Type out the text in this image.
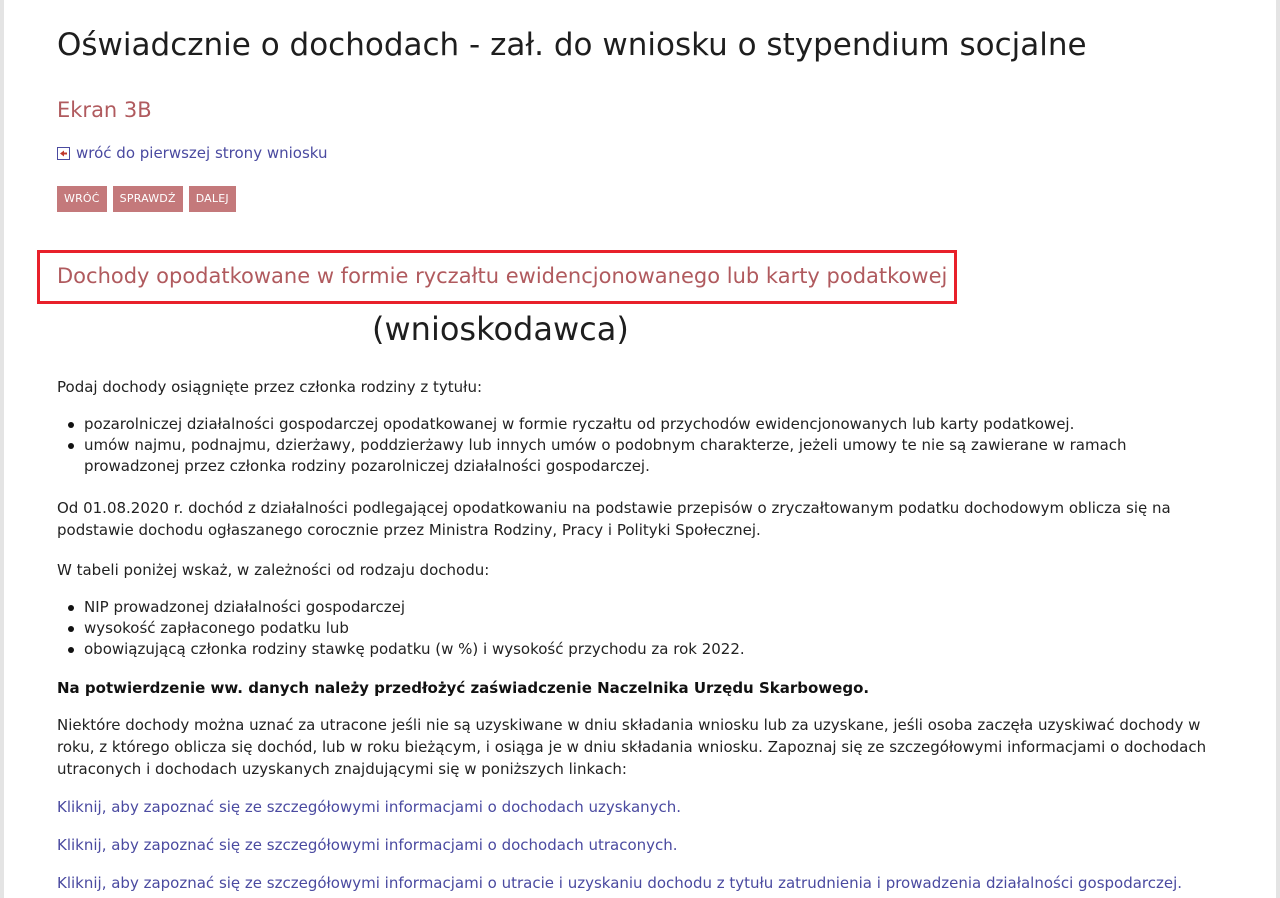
Oświadcznie o dochodach - zał. do wniosku o stypendium socjalne
Ekran 3B
wróć do pierwszej strony wniosku
WRÓĆ	SPRAWDŹ	DALEJ
Dochody opodatkowane w formie ryczałtu ewidencjonowanego lub karty podatkowej
(wnioskodawca)

Podaj dochody osiągnięte przez członka rodziny z tytułu:

pozarolniczej działalności gospodarczej opodatkowanej w formie ryczałtu od przychodów ewidencjonowanych lub karty podatkowej.
umów najmu, podnajmu, dzierżawy, poddzierżawy lub innych umów o podobnym charakterze, jeżeli umowy te nie są zawierane w ramach prowadzonej przez członka rodziny pozarolniczej działalności gospodarczej.

Od 01.08.2020 r. dochód z działalności podlegającej opodatkowaniu na podstawie przepisów o zryczałtowanym podatku dochodowym oblicza się na podstawie dochodu ogłaszanego corocznie przez Ministra Rodziny, Pracy i Polityki Społecznej.

W tabeli poniżej wskaż, w zależności od rodzaju dochodu:

NIP prowadzonej działalności gospodarczej
wysokość zapłaconego podatku lub
obowiązującą członka rodziny stawkę podatku (w %) i wysokość przychodu za rok 2022.

Na potwierdzenie ww. danych należy przedłożyć zaświadczenie Naczelnika Urzędu Skarbowego.

Niektóre dochody można uznać za utracone jeśli nie są uzyskiwane w dniu składania wniosku lub za uzyskane, jeśli osoba zaczęła uzyskiwać dochody w roku, z którego oblicza się dochód, lub w roku bieżącym, i osiąga je w dniu składania wniosku. Zapoznaj się ze szczegółowymi informacjami o dochodach utraconych i dochodach uzyskanych znajdującymi się w poniższych linkach:

Kliknij, aby zapoznać się ze szczegółowymi informacjami o dochodach uzyskanych.
Kliknij, aby zapoznać się ze szczegółowymi informacjami o dochodach utraconych.
Kliknij, aby zapoznać się ze szczegółowymi informacjami o utracie i uzyskaniu dochodu z tytułu zatrudnienia i prowadzenia działalności gospodarczej.
